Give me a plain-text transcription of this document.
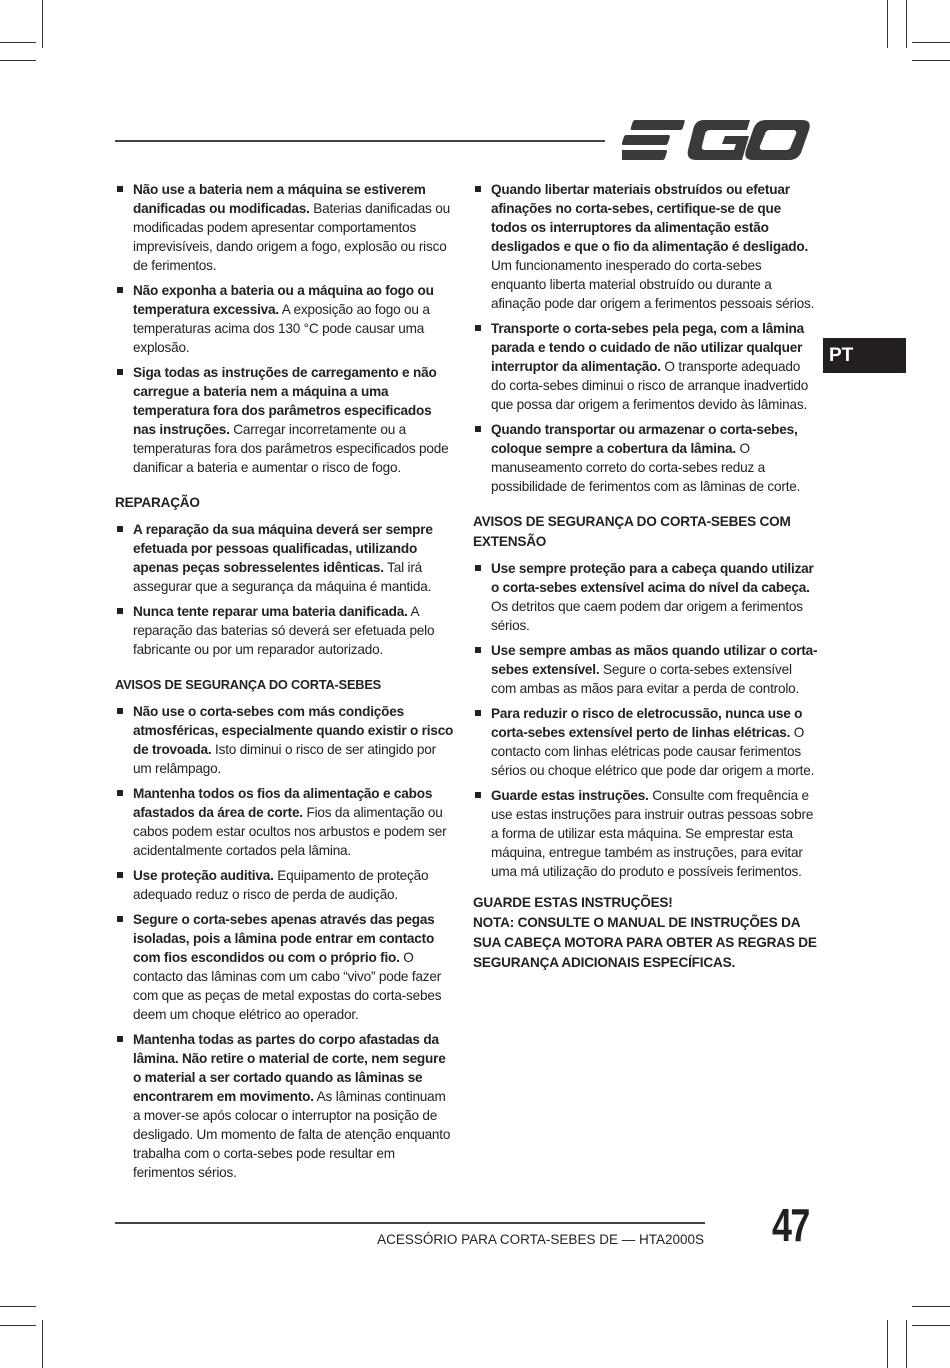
PT
Não use a bateria nem a máquina se estiverem danificadas ou modificadas. Baterias danificadas ou modificadas podem apresentar comportamentos imprevisíveis, dando origem a fogo, explosão ou risco de ferimentos.
Não exponha a bateria ou a máquina ao fogo ou temperatura excessiva. A exposição ao fogo ou a temperaturas acima dos 130 °C pode causar uma explosão.
Siga todas as instruções de carregamento e não carregue a bateria nem a máquina a uma temperatura fora dos parâmetros especificados nas instruções. Carregar incorretamente ou a temperaturas fora dos parâmetros especificados pode danificar a bateria e aumentar o risco de fogo.
REPARAÇÃO
A reparação da sua máquina deverá ser sempre efetuada por pessoas qualificadas, utilizando apenas peças sobresselentes idênticas. Tal irá assegurar que a segurança da máquina é mantida.
Nunca tente reparar uma bateria danificada. A reparação das baterias só deverá ser efetuada pelo fabricante ou por um reparador autorizado.
AVISOS DE SEGURANÇA DO CORTA-SEBES
Não use o corta-sebes com más condições atmosféricas, especialmente quando existir o risco de trovoada. Isto diminui o risco de ser atingido por um relâmpago.
Mantenha todos os fios da alimentação e cabos afastados da área de corte. Fios da alimentação ou cabos podem estar ocultos nos arbustos e podem ser acidentalmente cortados pela lâmina.
Use proteção auditiva. Equipamento de proteção adequado reduz o risco de perda de audição.
Segure o corta-sebes apenas através das pegas isoladas, pois a lâmina pode entrar em contacto com fios escondidos ou com o próprio fio. O contacto das lâminas com um cabo “vivo” pode fazer com que as peças de metal expostas do corta-sebes deem um choque elétrico ao operador.
Mantenha todas as partes do corpo afastadas da lâmina. Não retire o material de corte, nem segure o material a ser cortado quando as lâminas se encontrarem em movimento. As lâminas continuam a mover-se após colocar o interruptor na posição de desligado. Um momento de falta de atenção enquanto trabalha com o corta-sebes pode resultar em ferimentos sérios.
Quando libertar materiais obstruídos ou efetuar afinações no corta-sebes, certifique-se de que todos os interruptores da alimentação estão desligados e que o fio da alimentação é desligado. Um funcionamento inesperado do corta-sebes enquanto liberta material obstruído ou durante a afinação pode dar origem a ferimentos pessoais sérios.
Transporte o corta-sebes pela pega, com a lâmina parada e tendo o cuidado de não utilizar qualquer interruptor da alimentação. O transporte adequado do corta-sebes diminui o risco de arranque inadvertido que possa dar origem a ferimentos devido às lâminas.
Quando transportar ou armazenar o corta-sebes, coloque sempre a cobertura da lâmina. O manuseamento correto do corta-sebes reduz a possibilidade de ferimentos com as lâminas de corte.
AVISOS DE SEGURANÇA DO CORTA-SEBES COM EXTENSÃO
Use sempre proteção para a cabeça quando utilizar o corta-sebes extensível acima do nível da cabeça. Os detritos que caem podem dar origem a ferimentos sérios.
Use sempre ambas as mãos quando utilizar o corta-sebes extensível. Segure o corta-sebes extensível com ambas as mãos para evitar a perda de controlo.
Para reduzir o risco de eletrocussão, nunca use o corta-sebes extensível perto de linhas elétricas. O contacto com linhas elétricas pode causar ferimentos sérios ou choque elétrico que pode dar origem a morte.
Guarde estas instruções. Consulte com frequência e use estas instruções para instruir outras pessoas sobre a forma de utilizar esta máquina. Se emprestar esta máquina, entregue também as instruções, para evitar uma má utilização do produto e possíveis ferimentos.
GUARDE ESTAS INSTRUÇÕES!
NOTA: CONSULTE O MANUAL DE INSTRUÇÕES DA SUA CABEÇA MOTORA PARA OBTER AS REGRAS DE SEGURANÇA ADICIONAIS ESPECÍFICAS.
ACESSÓRIO PARA CORTA-SEBES DE — HTA2000S 47
